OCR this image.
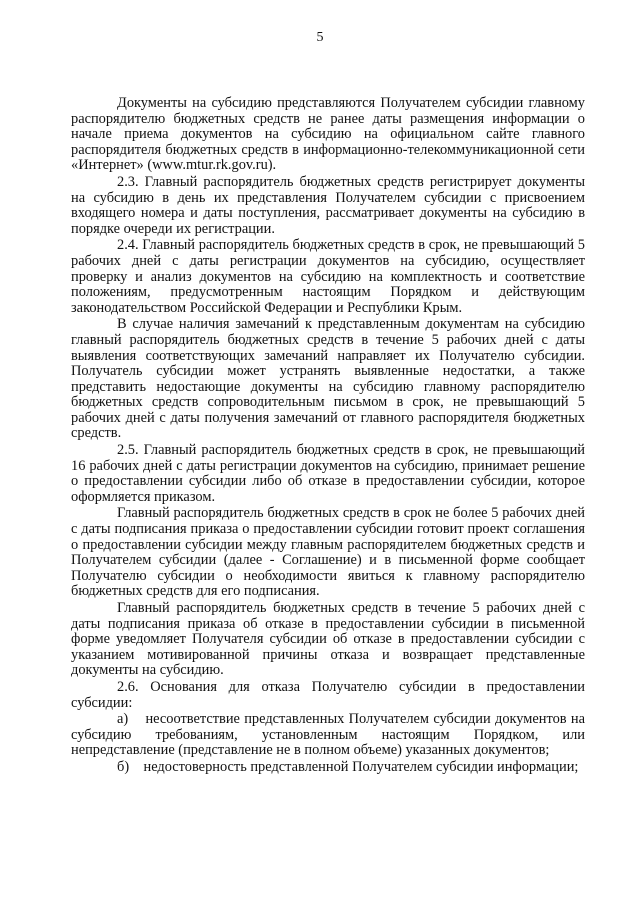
5

Документы на субсидию представляются Получателем субсидии главному распорядителю бюджетных средств не ранее даты размещения информации о начале приема документов на субсидию на официальном сайте главного распорядителя бюджетных средств в информационно-телекоммуникационной сети «Интернет» (www.mtur.rk.gov.ru).

2.3. Главный распорядитель бюджетных средств регистрирует документы на субсидию в день их представления Получателем субсидии с присвоением входящего номера и даты поступления, рассматривает документы на субсидию в порядке очереди их регистрации.

2.4. Главный распорядитель бюджетных средств в срок, не превышающий 5 рабочих дней с даты регистрации документов на субсидию, осуществляет проверку и анализ документов на субсидию на комплектность и соответствие положениям, предусмотренным настоящим Порядком и действующим законодательством Российской Федерации и Республики Крым.

В случае наличия замечаний к представленным документам на субсидию главный распорядитель бюджетных средств в течение 5 рабочих дней с даты выявления соответствующих замечаний направляет их Получателю субсидии. Получатель субсидии может устранять выявленные недостатки, а также представить недостающие документы на субсидию главному распорядителю бюджетных средств сопроводительным письмом в срок, не превышающий 5 рабочих дней с даты получения замечаний от главного распорядителя бюджетных средств.

2.5. Главный распорядитель бюджетных средств в срок, не превышающий 16 рабочих дней с даты регистрации документов на субсидию, принимает решение о предоставлении субсидии либо об отказе в предоставлении субсидии, которое оформляется приказом.

Главный распорядитель бюджетных средств в срок не более 5 рабочих дней с даты подписания приказа о предоставлении субсидии готовит проект соглашения о предоставлении субсидии между главным распорядителем бюджетных средств и Получателем субсидии (далее - Соглашение) и в письменной форме сообщает Получателю субсидии о необходимости явиться к главному распорядителю бюджетных средств для его подписания.

Главный распорядитель бюджетных средств в течение 5 рабочих дней с даты подписания приказа об отказе в предоставлении субсидии в письменной форме уведомляет Получателя субсидии об отказе в предоставлении субсидии с указанием мотивированной причины отказа и возвращает представленные документы на субсидию.

2.6. Основания для отказа Получателю субсидии в предоставлении субсидии:

а) несоответствие представленных Получателем субсидии документов на субсидию требованиям, установленным настоящим Порядком, или непредставление (представление не в полном объеме) указанных документов;

б) недостоверность представленной Получателем субсидии информации;
